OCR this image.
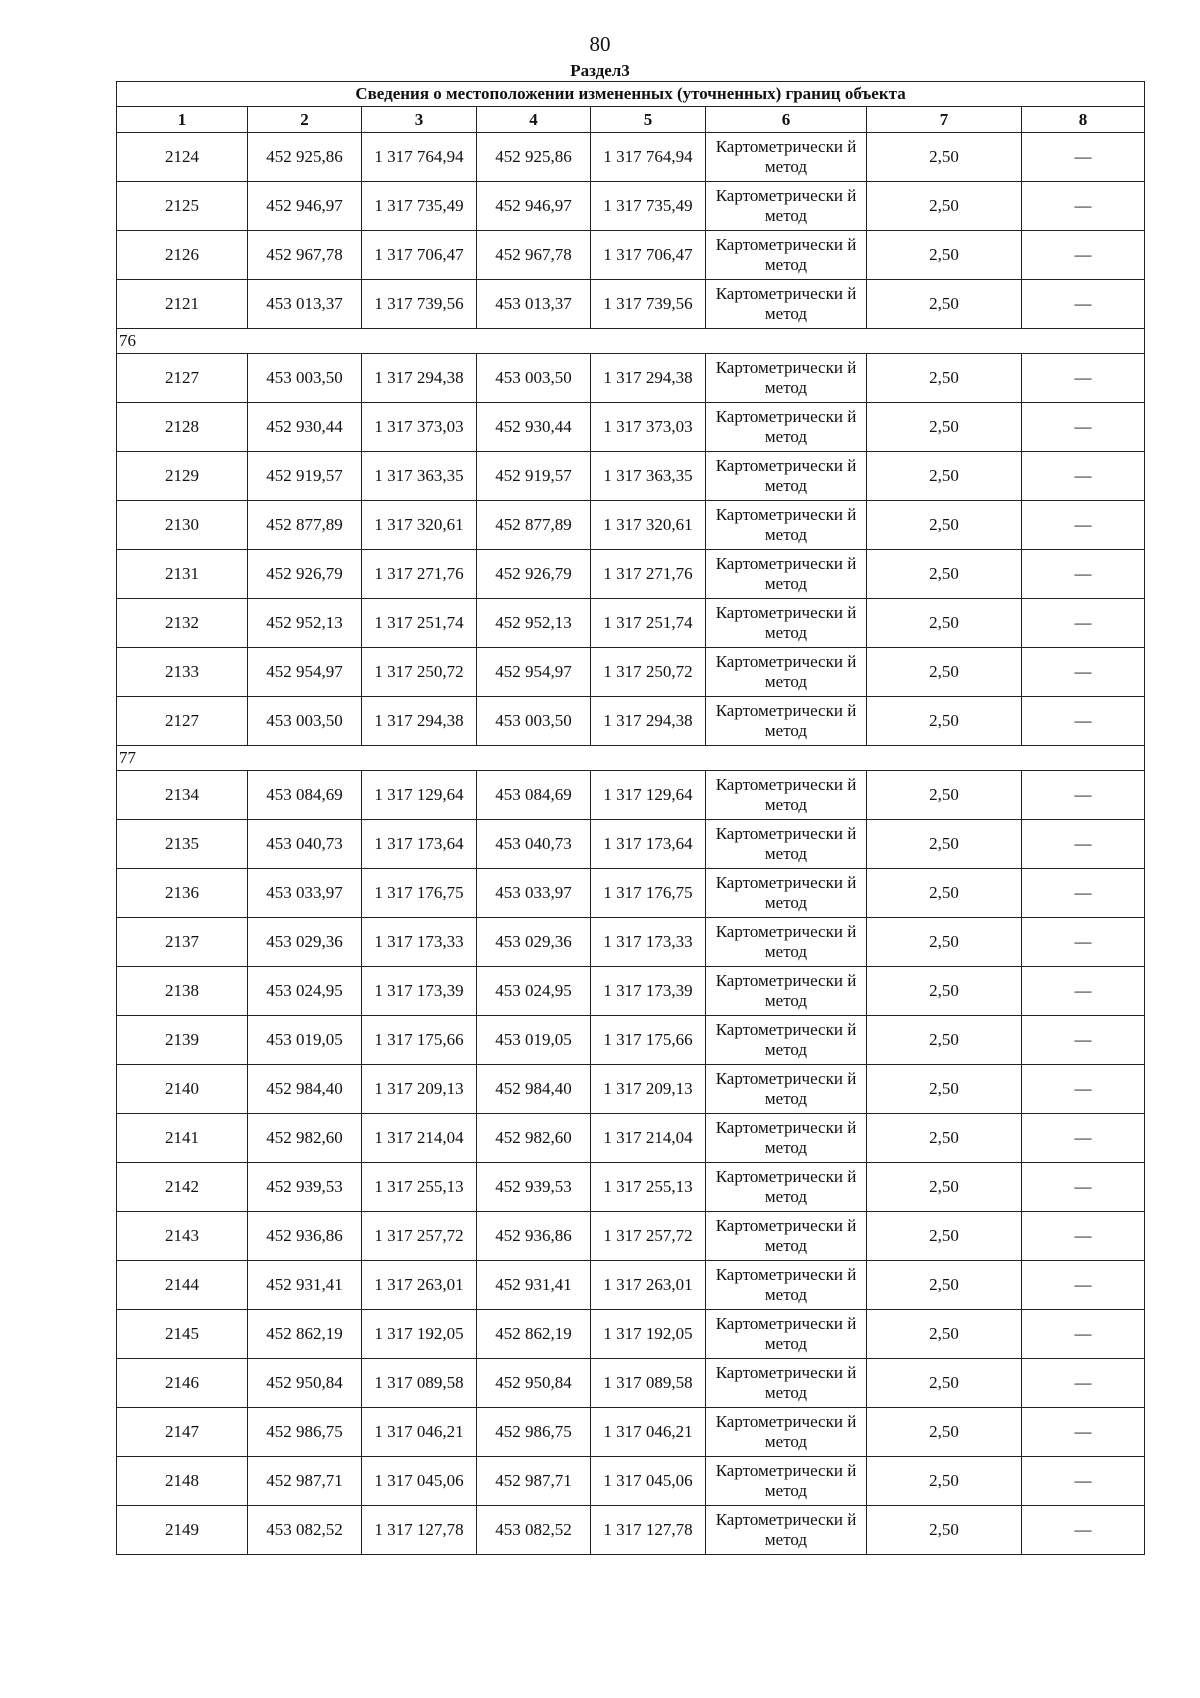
80
Раздел3
Сведения о местоположении измененных (уточненных) границ объекта							
1	2	3	4	5	6	7	8
2124	452 925,86	1 317 764,94	452 925,86	1 317 764,94	Картометрически й метод	2,50	—
2125	452 946,97	1 317 735,49	452 946,97	1 317 735,49	Картометрически й метод	2,50	—
2126	452 967,78	1 317 706,47	452 967,78	1 317 706,47	Картометрически й метод	2,50	—
2121	453 013,37	1 317 739,56	453 013,37	1 317 739,56	Картометрически й метод	2,50	—
76							
2127	453 003,50	1 317 294,38	453 003,50	1 317 294,38	Картометрически й метод	2,50	—
2128	452 930,44	1 317 373,03	452 930,44	1 317 373,03	Картометрически й метод	2,50	—
2129	452 919,57	1 317 363,35	452 919,57	1 317 363,35	Картометрически й метод	2,50	—
2130	452 877,89	1 317 320,61	452 877,89	1 317 320,61	Картометрически й метод	2,50	—
2131	452 926,79	1 317 271,76	452 926,79	1 317 271,76	Картометрически й метод	2,50	—
2132	452 952,13	1 317 251,74	452 952,13	1 317 251,74	Картометрически й метод	2,50	—
2133	452 954,97	1 317 250,72	452 954,97	1 317 250,72	Картометрически й метод	2,50	—
2127	453 003,50	1 317 294,38	453 003,50	1 317 294,38	Картометрически й метод	2,50	—
77							
2134	453 084,69	1 317 129,64	453 084,69	1 317 129,64	Картометрически й метод	2,50	—
2135	453 040,73	1 317 173,64	453 040,73	1 317 173,64	Картометрически й метод	2,50	—
2136	453 033,97	1 317 176,75	453 033,97	1 317 176,75	Картометрически й метод	2,50	—
2137	453 029,36	1 317 173,33	453 029,36	1 317 173,33	Картометрически й метод	2,50	—
2138	453 024,95	1 317 173,39	453 024,95	1 317 173,39	Картометрически й метод	2,50	—
2139	453 019,05	1 317 175,66	453 019,05	1 317 175,66	Картометрически й метод	2,50	—
2140	452 984,40	1 317 209,13	452 984,40	1 317 209,13	Картометрически й метод	2,50	—
2141	452 982,60	1 317 214,04	452 982,60	1 317 214,04	Картометрически й метод	2,50	—
2142	452 939,53	1 317 255,13	452 939,53	1 317 255,13	Картометрически й метод	2,50	—
2143	452 936,86	1 317 257,72	452 936,86	1 317 257,72	Картометрически й метод	2,50	—
2144	452 931,41	1 317 263,01	452 931,41	1 317 263,01	Картометрически й метод	2,50	—
2145	452 862,19	1 317 192,05	452 862,19	1 317 192,05	Картометрически й метод	2,50	—
2146	452 950,84	1 317 089,58	452 950,84	1 317 089,58	Картометрически й метод	2,50	—
2147	452 986,75	1 317 046,21	452 986,75	1 317 046,21	Картометрически й метод	2,50	—
2148	452 987,71	1 317 045,06	452 987,71	1 317 045,06	Картометрически й метод	2,50	—
2149	453 082,52	1 317 127,78	453 082,52	1 317 127,78	Картометрически й метод	2,50	—
